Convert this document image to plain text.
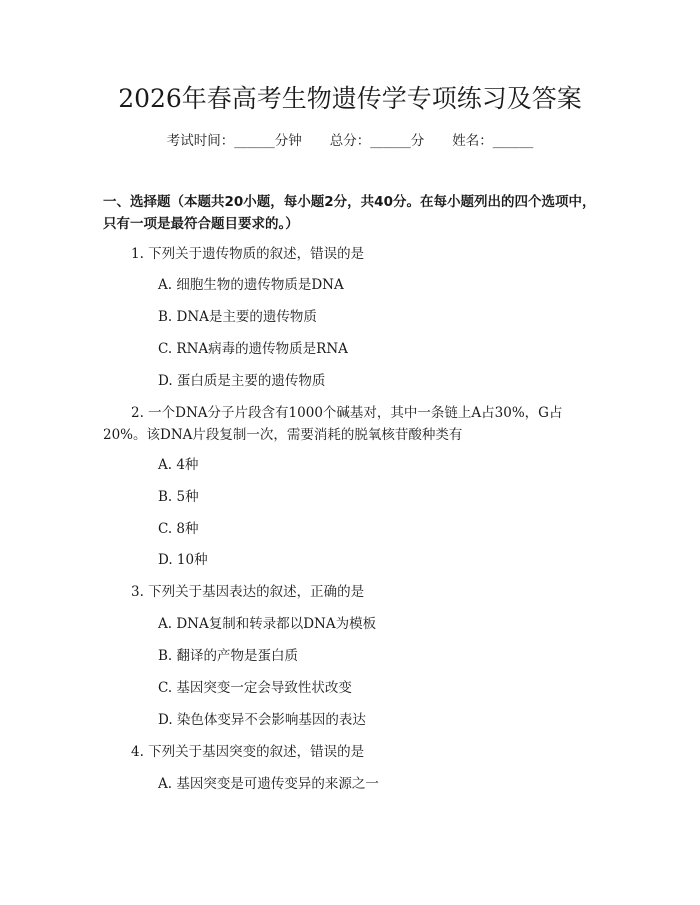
2026年春高考生物遗传学专项练习及答案
考试时间：______分钟 总分：______分 姓名：______
一、选择题（本题共20小题，每小题2分，共40分。在每小题列出的四个选项中，只有一项是最符合题目要求的。）
1. 下列关于遗传物质的叙述，错误的是
A. 细胞生物的遗传物质是DNA
B. DNA是主要的遗传物质
C. RNA病毒的遗传物质是RNA
D. 蛋白质是主要的遗传物质
2. 一个DNA分子片段含有1000个碱基对，其中一条链上A占30%，G占20%。该DNA片段复制一次，需要消耗的脱氧核苷酸种类有
A. 4种
B. 5种
C. 8种
D. 10种
3. 下列关于基因表达的叙述，正确的是
A. DNA复制和转录都以DNA为模板
B. 翻译的产物是蛋白质
C. 基因突变一定会导致性状改变
D. 染色体变异不会影响基因的表达
4. 下列关于基因突变的叙述，错误的是
A. 基因突变是可遗传变异的来源之一
